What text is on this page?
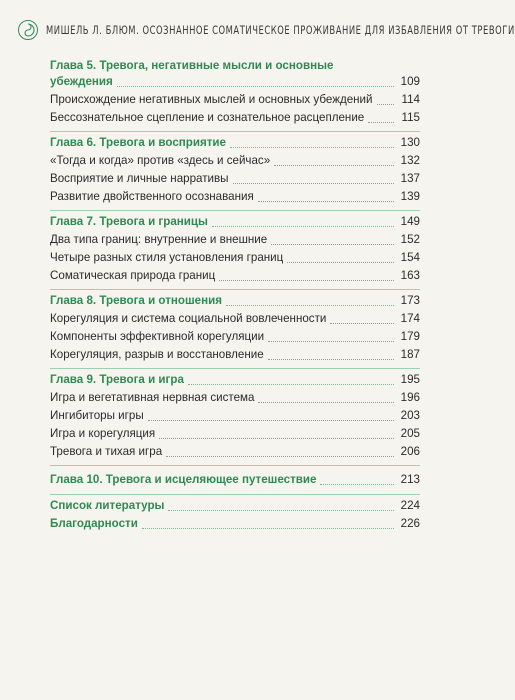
МИШЕЛЬ Л. БЛЮМ. ОСОЗНАННОЕ СОМАТИЧЕСКОЕ ПРОЖИВАНИЕ ДЛЯ ИЗБАВЛЕНИЯ ОТ ТРЕВОГИ
Глава 5. Тревога, негативные мысли и основные
убеждения	109
Происхождение негативных мыслей и основных убеждений	114
Бессознательное сцепление и сознательное расцепление	115
Глава 6. Тревога и восприятие	130
«Тогда и когда» против «здесь и сейчас»	132
Восприятие и личные нарративы	137
Развитие двойственного осознавания	139
Глава 7. Тревога и границы	149
Два типа границ: внутренние и внешние	152
Четыре разных стиля установления границ	154
Соматическая природа границ	163
Глава 8. Тревога и отношения	173
Корегуляция и система социальной вовлеченности	174
Компоненты эффективной корегуляции	179
Корегуляция, разрыв и восстановление	187
Глава 9. Тревога и игра	195
Игра и вегетативная нервная система	196
Ингибиторы игры	203
Игра и корегуляция	205
Тревога и тихая игра	206
Глава 10. Тревога и исцеляющее путешествие	213
Список литературы	224
Благодарности	226
